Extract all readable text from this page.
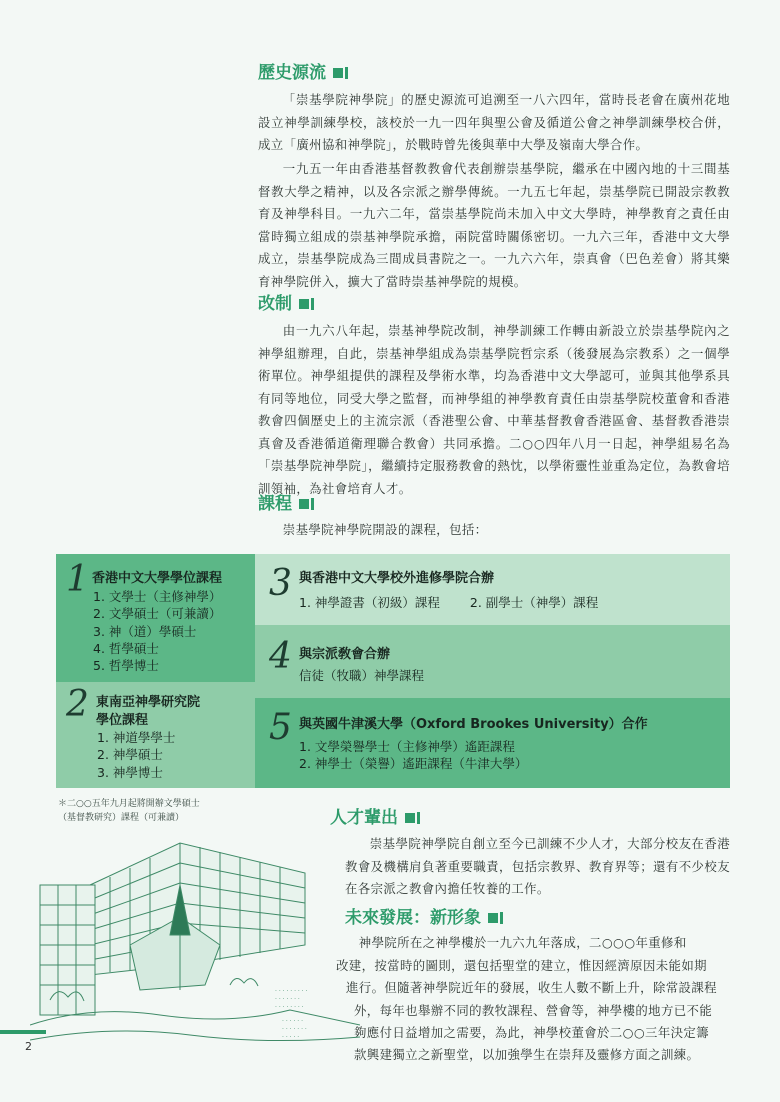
歷史源流
「崇基學院神學院」的歷史源流可追溯至一八六四年，當時長老會在廣州花地設立神學訓練學校，該校於一九一四年與聖公會及循道公會之神學訓練學校合併，成立「廣州協和神學院」，於戰時曾先後與華中大學及嶺南大學合作。
一九五一年由香港基督教教會代表創辦崇基學院，繼承在中國內地的十三間基督教大學之精神，以及各宗派之辦學傳統。一九五七年起，崇基學院已開設宗教教育及神學科目。一九六二年，當崇基學院尚未加入中文大學時，神學教育之責任由當時獨立組成的崇基神學院承擔，兩院當時關係密切。一九六三年，香港中文大學成立，崇基學院成為三間成員書院之一。一九六六年，崇真會（巴色差會）將其樂育神學院併入，擴大了當時崇基神學院的規模。
改制
由一九六八年起，崇基神學院改制，神學訓練工作轉由新設立於崇基學院內之神學組辦理，自此，崇基神學組成為崇基學院哲宗系（後發展為宗教系）之一個學術單位。神學組提供的課程及學術水準，均為香港中文大學認可，並與其他學系具有同等地位，同受大學之監督，而神學組的神學教育責任由崇基學院校董會和香港教會四個歷史上的主流宗派（香港聖公會、中華基督教會香港區會、基督教香港崇真會及香港循道衛理聯合教會）共同承擔。二○○四年八月一日起，神學組易名為「崇基學院神學院」，繼續持定服務教會的熱忱，以學術靈性並重為定位，為教會培訓領袖，為社會培育人才。
課程
崇基學院神學院開設的課程，包括：
1 香港中文大學學位課程
1. 文學士（主修神學）
2. 文學碩士（可兼讀）
3. 神（道）學碩士
4. 哲學碩士
5. 哲學博士
2 東南亞神學研究院
學位課程
1. 神道學學士
2. 神學碩士
3. 神學博士
3 與香港中文大學校外進修學院合辦
1. 神學證書（初級）課程 2. 副學士（神學）課程
4 與宗派敎會合辦
信徒（牧職）神學課程
5 與英國牛津溪大學（Oxford Brookes University）合作
1. 文學榮譽學士（主修神學）遙距課程
2. 神學士（榮譽）遙距課程（牛津大學）
＊二○○五年九月起將開辦文學碩士
（基督教研究）課程（可兼讀）	人才輩出
崇基學院神學院自創立至今已訓練不少人才，大部分校友在香港教會及機構肩負著重要職責，包括宗教界、教育界等；還有不少校友在各宗派之教會內擔任牧養的工作。
未來發展：新形象
神學院所在之神學樓於一九六九年落成，二○○○年重修和
改建，按當時的圖則，還包括聖堂的建立，惟因經濟原因未能如期
進行。但隨著神學院近年的發展，收生人數不斷上升，除常設課程
外，每年也舉辦不同的教牧課程、營會等，神學樓的地方已不能
夠應付日益增加之需要，為此，神學校董會於二○○三年決定籌
款興建獨立之新聖堂，以加強學生在崇拜及靈修方面之訓練。
· · · · · · · · ·
· · · · · · ·
· · · · · · · ·
· · · · · ·
· · · · · · ·
· · · · ·
2
